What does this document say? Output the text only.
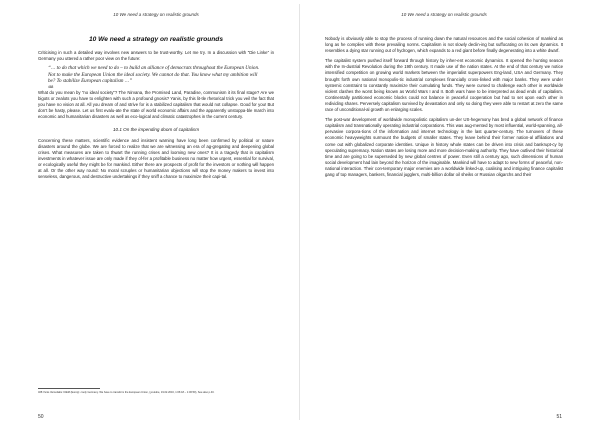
10 We need a strategy on realistic grounds
10 We need a strategy on realistic grounds

Criticising in such a detailed way involves new answers to be trust-worthy. Let me try. In a discussion with “Die Linke” in Germany you uttered a rather poor view on the future:

“… to do that which we need to do – to build an alliance of democrats throughout the European Union. Not to make the European Union the ideal society. We cannot do that. You know what my ambition will be? To stabilize European capitalism …”

468

What do you mean by “no ideal society”? The Nirvana, the Promised Land, Paradise, communism it its final stage? Are we bigots or zealots you have to enlighten with such a profound gnosis? Yanis, by this lit-tle rhetorical trick you veil the fact that you have no vision at all. All you dream of and strive for is a stabilized capitalism that would not collapse. Good for you! But don’t be hasty, please. Let us first evalu-ate the state of world economic affairs and the apparently unstoppa-ble march into economic and humanitarian disasters as well as eco-logical and climatic catastrophes in the current century.

10.1 On the impending doom of capitalism

Concerning these matters, scientific evidence and insistent warning have long been confirmed by political or nature disasters around the globe. We are forced to realize that we are witnessing an era of ag-gregating and deepening global crises. What measures are taken to thwart the running crises and looming new ones? It is a tragedy that in capitalism investments in whatever issue are only made if they of-fer a profitable business no matter how urgent, essential for survival, or ecologically useful they might be for mankind. Either there are prospects of profit for the investors or nothing will happen at all. Or the other way round: No moral scruples or humanitarian objections will stop the money makers to invest into senseless, dangerous, and destructive undertakings if they sniff a chance to maximize their capi-tal.

468 Yanis Varoufakis: DiEM (Europ): cooly Germany. We have to transform the European Union, (youtube, 19.02.2016, 1:06:18 – 1:06:50), See also p.40.
50
10 We need a strategy on realistic grounds

Nobody is obviously able to stop the process of running down the natural resources and the social cohesion of mankind as long as he complies with these prevailing norms. Capitalism is not slowly declin-ing but suffocating on its own dynamics. It resembles a dying star running out of hydrogen, which expands to a red giant before finally degenerating into a white dwarf.

The capitalist system pushed itself forward through history by inher-ent economic dynamics. It opened the hunting season with the In-dustrial Revolution during the 19th century. It made use of the nation states. At the end of that century we notice intensified competition on growing world markets between the imperialist superpowers Eng-land, USA and Germany. They brought forth own national monopolis-tic industrial complexes financially cross-linked with major banks. They were under systemic constraint to constantly maximize their cumulating funds. They were cursed to challenge each other in worldwide violent clashes the worst being known as World Wars I and II. Both wars have to be interpreted as dead ends of capitalism. Continentally partitioned economic blocks could not balance in peaceful cooperation but had to set upon each other in redividing shares. Perversely capitalism survived by devastation and only so doing they were able to restart at zero the same race of unconditional-al growth on enlarging scales.

The post-war development of worldwide monopolistic capitalism un-der US-hegemony has bred a global network of finance capitalism and transnationally operating industrial corporations. This was aug-mented by most influential, world-spanning, all-pervasive corpora-tions of the information and internet technology in the last quarter-century. The turnovers of these economic heavyweights surmount the budgets of smaller states. They leave behind their former nation-al affiliations and come out with globalized corporate identities. Unique in history whole states can be driven into crisis and bankrupt-cy by speculating supremacy. Nation states are losing more and more decision-making authority. They have outlived their historical time and are going to be superseded by new global centres of power. Even still a century ago, such dimensions of human social development had lain beyond the horizon of the imaginable. Mankind will have to adapt to new forms of peaceful, non-national interaction. Their con-temporary major enemies are a worldwide linked-up, coalising and intriguing finance capitalist gang of top managers, bankers, financial jugglers, multi-billion dollar oil sheiks or Russian oligarchs and their

51
